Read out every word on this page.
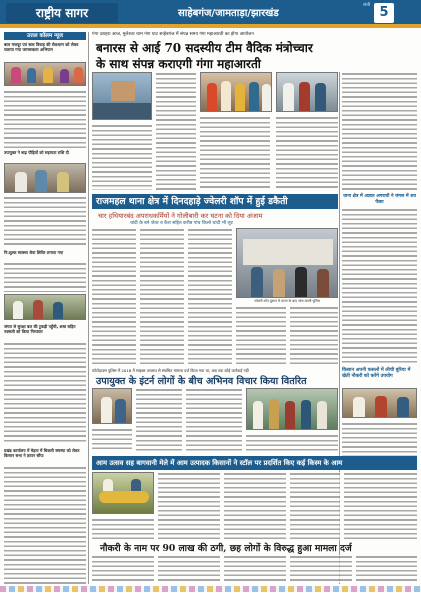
राष्ट्रीय सागर	साहेबगंज/जामताड़ा/झारखंड
रांची 5
उत्तल कॉलम न्यूज
बाल मजदूर एवं बाल विवाह की रोकथाम को लेकर चलाया गया जागरूकता अभियान
उपायुक्त ने बाढ़ पीड़ितों को सहायता राशि दी
नि:शुल्क स्वास्थ्य सेवा शिविर लगाया गया
जंगल से सुरक्षा बल की टुकड़ी पहुँची, शस्त्र सहित नक्सली को किया गिरफ्तार
प्रखंड कार्यालय में मेहता में बिजली समस्या को लेकर किसान सभा ने ज्ञापन सौंपा
गंगा दशहरा आज, मुलेश्वर धाम गंगा घाट साहेबगंज में संपन्न समय गंगा महाआरती का होगा आयोजन
बनारस से आई 70 सदस्यीय टीम वैदिक मंत्रोच्चार
के साथ संपन्न कराएगी गंगा महाआरती
राजमहल थाना क्षेत्र में दिनदहाड़े ज्वेलरी शॉप में हुई डकैती
चार हथियारबंद अपराधकर्मियों ने गोलीबारी कर घटना को दिया अंजाम
चांदी के बने जेवर व कैश सहित करीब पांच किलो चांदी भी लूट
ज्वेलरी शॉप दुकान में घटना के बाद जांच करती पुलिस
थाना क्षेत्र में अज्ञात अपराधी ने जंगल में शव फेंका
फोटोहाउस पुलिस में 2018 में साइबर अपराध से संबंधित मामला दर्ज किया गया था, अब तक कोई कार्रवाई नहीं
उपायुक्त के इंटर्न लोगों के बीच अभिनव विचार किया वितरित
किसान अपनी फसलों में लीची बुरिया में खेती नौकरी को करेंगे उपयोग
आम उत्सव सह बागवानी मेले में आम उत्पादक किसानों ने स्टॉल पर प्रदर्शित किए कई किस्म के आम
नौकरी के नाम पर 90 लाख की ठगी, छह लोगों के विरुद्ध हुआ मामला दर्ज
